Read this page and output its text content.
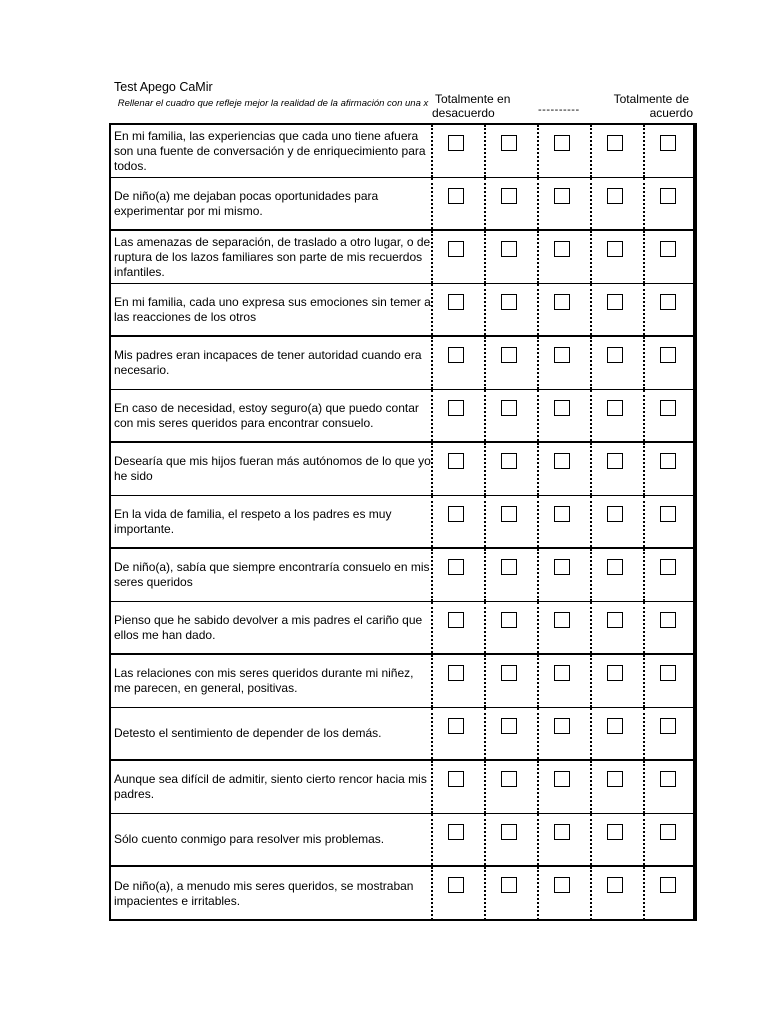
Test Apego CaMir
Rellenar el cuadro que refleje mejor la realidad de la afirmación con una x Totalmente en
desacuerdo	----------
Totalmente de
acuerdo
En mi familia, las experiencias que cada uno tiene afuera son una fuente de conversación y de enriquecimiento para todos.
De niño(a) me dejaban pocas oportunidades para experimentar por mi mismo.
Las amenazas de separación, de traslado a otro lugar, o de ruptura de los lazos familiares son parte de mis recuerdos infantiles.
En mi familia, cada uno expresa sus emociones sin temer a las reacciones de los otros
Mis padres eran incapaces de tener autoridad cuando era necesario.
En caso de necesidad, estoy seguro(a) que puedo contar con mis seres queridos para encontrar consuelo.
Desearía que mis hijos fueran más autónomos de lo que yo he sido
En la vida de familia, el respeto a los padres es muy importante.
De niño(a), sabía que siempre encontraría consuelo en mis seres queridos
Pienso que he sabido devolver a mis padres el cariño que ellos me han dado.
Las relaciones con mis seres queridos durante mi niñez, me parecen, en general, positivas.
Detesto el sentimiento de depender de los demás.
Aunque sea difícil de admitir, siento cierto rencor hacia mis padres.
Sólo cuento conmigo para resolver mis problemas.
De niño(a), a menudo mis seres queridos, se mostraban impacientes e irritables.
